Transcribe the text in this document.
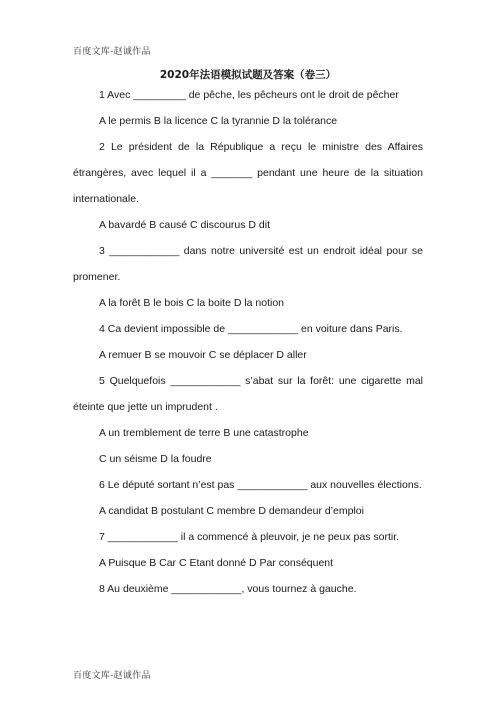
百度文库-赵诚作品
2020年法语模拟试题及答案（卷三）

1 Avec _________ de pêche, les pêcheurs ont le droit de pêcher

A le permis B la licence C la tyrannie D la tolérance

2 Le président de la République a reçu le ministre des Affaires étrangères, avec lequel il a _______ pendant une heure de la situation internationale.

A bavardé B causé C discourus D dit

3 ____________ dans notre université est un endroit idéal pour se promener.

A la forêt B le bois C la boite D la notion

4 Ca devient impossible de ____________ en voiture dans Paris.

A remuer B se mouvoir C se déplacer D aller

5 Quelquefois ____________ s’abat sur la forêt: une cigarette mal éteinte que jette un imprudent .

A un tremblement de terre B une catastrophe

C un séisme D la foudre

6 Le député sortant n’est pas ____________ aux nouvelles élections.

A candidat B postulant C membre D demandeur d’emploi

7 ____________ il a commencé à pleuvoir, je ne peux pas sortir.

A Puisque B Car C Etant donné D Par conséquent

8 Au deuxième ____________, vous tournez à gauche.

百度文库-赵诚作品
